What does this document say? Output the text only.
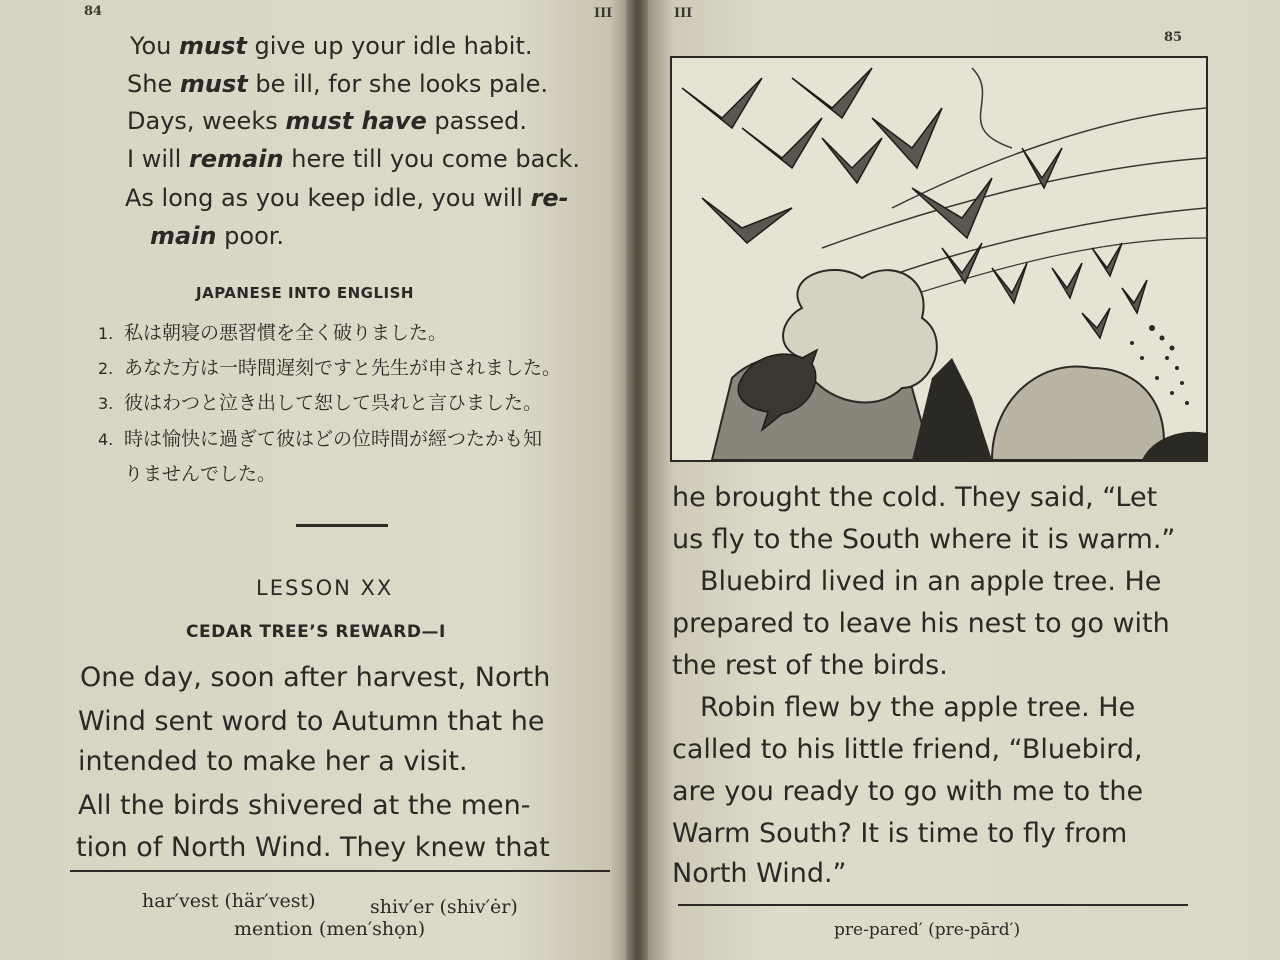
84	III
You must give up your idle habit.
She must be ill, for she looks pale.
Days, weeks must have passed.
I will remain here till you come back.
As long as you keep idle, you will re-
main poor.
JAPANESE INTO ENGLISH
1. 私は朝寝の悪習慣を全く破りました。
2. あなた方は一時間遅刻ですと先生が申されました。
3. 彼はわつと泣き出して恕して呉れと言ひました。
4. 時は愉快に過ぎて彼はどの位時間が經つたかも知
りませんでした。
LESSON XX
CEDAR TREE’S REWARD—I
One day, soon after harvest, North
Wind sent word to Autumn that he
intended to make her a visit.
All the birds shivered at the men-
tion of North Wind. They knew that
har′vest (här′vest)	shiv′er (shiv′ėr)
mention (men′shọn)
III
85
he brought the cold. They said, “Let
us fly to the South where it is warm.”
Bluebird lived in an apple tree. He
prepared to leave his nest to go with
the rest of the birds.
Robin flew by the apple tree. He
called to his little friend, “Bluebird,
are you ready to go with me to the
Warm South? It is time to fly from
North Wind.”
pre-pared′ (pre-pārd′)
